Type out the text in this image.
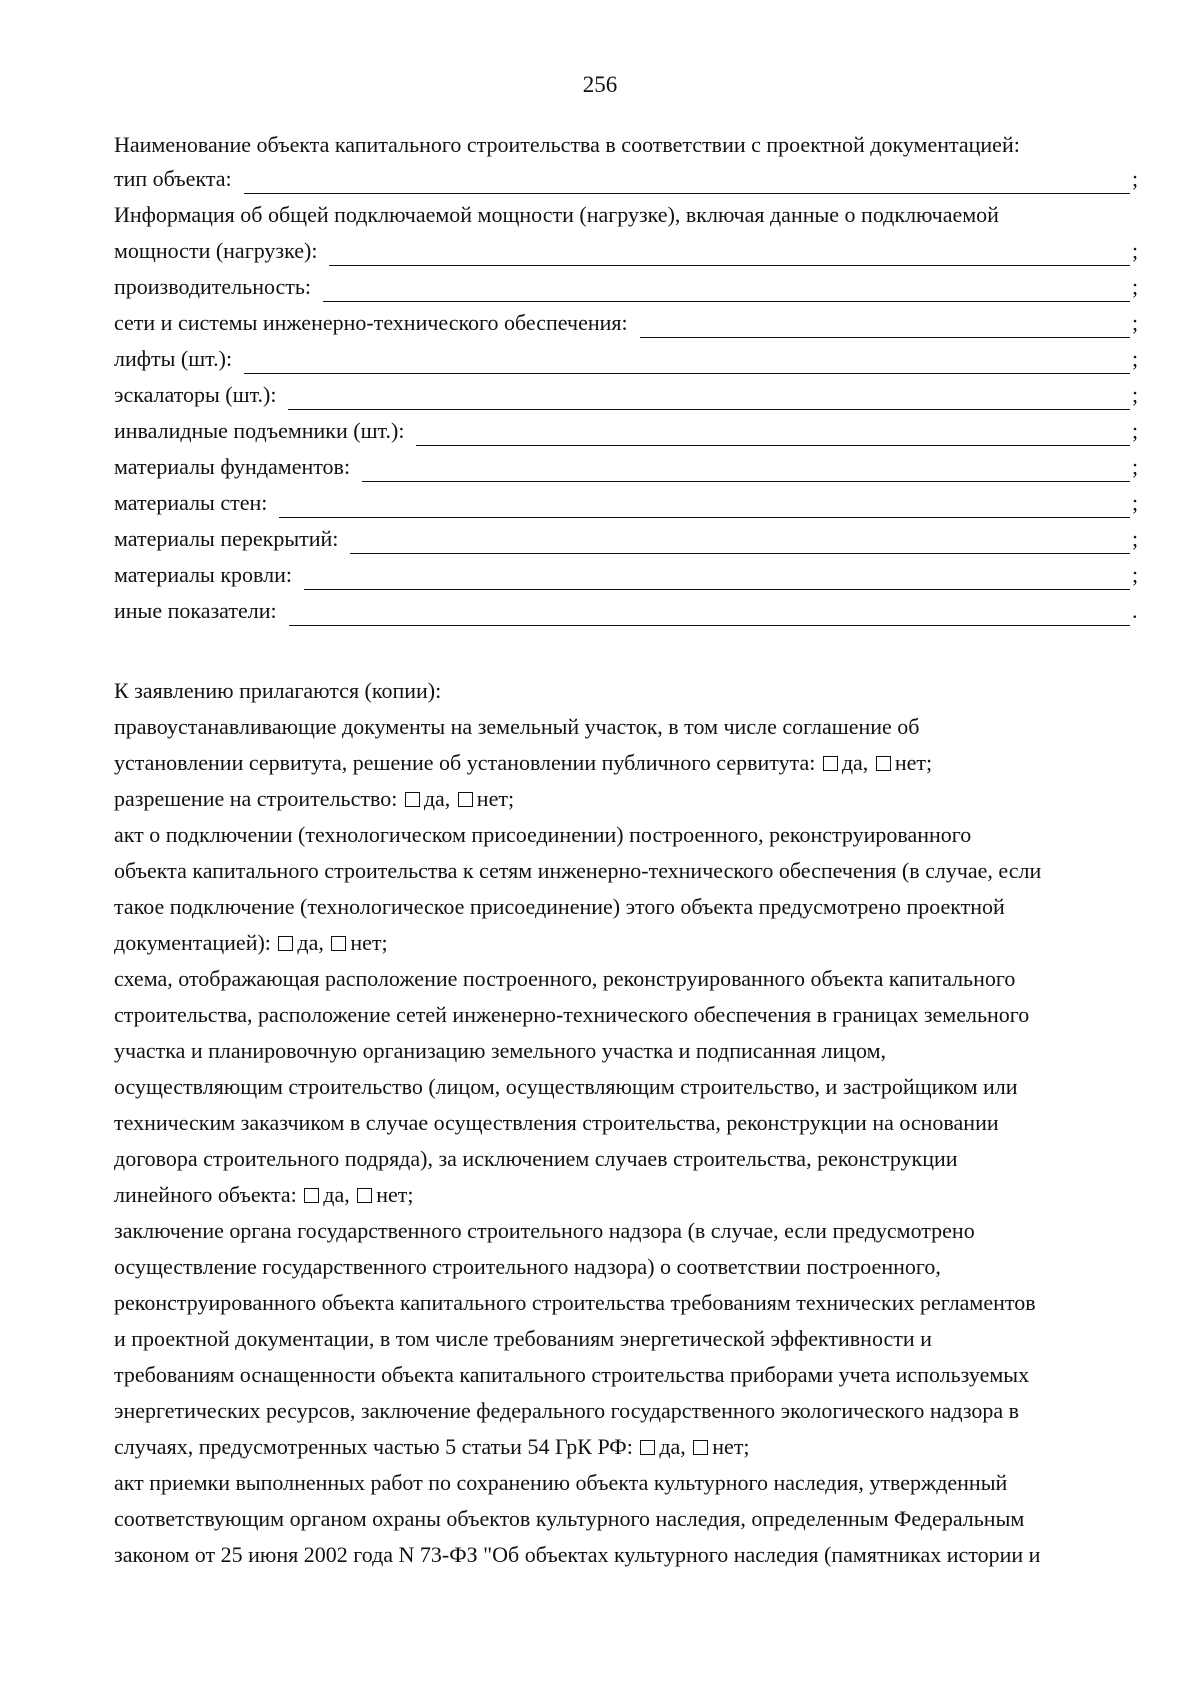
256
Наименование объекта капитального строительства в соответствии с проектной документацией:
тип объекта:	;
Информация об общей подключаемой мощности (нагрузке), включая данные о подключаемой
мощности (нагрузке):	;
производительность:	;
сети и системы инженерно-технического обеспечения:	;
лифты (шт.):	;
эскалаторы (шт.):	;
инвалидные подъемники (шт.):	;
материалы фундаментов:	;
материалы стен:	;
материалы перекрытий:	;
материалы кровли:	;
иные показатели:	.
К заявлению прилагаются (копии):
правоустанавливающие документы на земельный участок, в том числе соглашение об
установлении сервитута, решение об установлении публичного сервитута: да, нет;
разрешение на строительство: да, нет;
акт о подключении (технологическом присоединении) построенного, реконструированного
объекта капитального строительства к сетям инженерно-технического обеспечения (в случае, если
такое подключение (технологическое присоединение) этого объекта предусмотрено проектной
документацией): да, нет;
схема, отображающая расположение построенного, реконструированного объекта капитального
строительства, расположение сетей инженерно-технического обеспечения в границах земельного
участка и планировочную организацию земельного участка и подписанная лицом,
осуществляющим строительство (лицом, осуществляющим строительство, и застройщиком или
техническим заказчиком в случае осуществления строительства, реконструкции на основании
договора строительного подряда), за исключением случаев строительства, реконструкции
линейного объекта: да, нет;
заключение органа государственного строительного надзора (в случае, если предусмотрено
осуществление государственного строительного надзора) о соответствии построенного,
реконструированного объекта капитального строительства требованиям технических регламентов
и проектной документации, в том числе требованиям энергетической эффективности и
требованиям оснащенности объекта капитального строительства приборами учета используемых
энергетических ресурсов, заключение федерального государственного экологического надзора в
случаях, предусмотренных частью 5 статьи 54 ГрК РФ: да, нет;
акт приемки выполненных работ по сохранению объекта культурного наследия, утвержденный
соответствующим органом охраны объектов культурного наследия, определенным Федеральным
законом от 25 июня 2002 года N 73-ФЗ "Об объектах культурного наследия (памятниках истории и
